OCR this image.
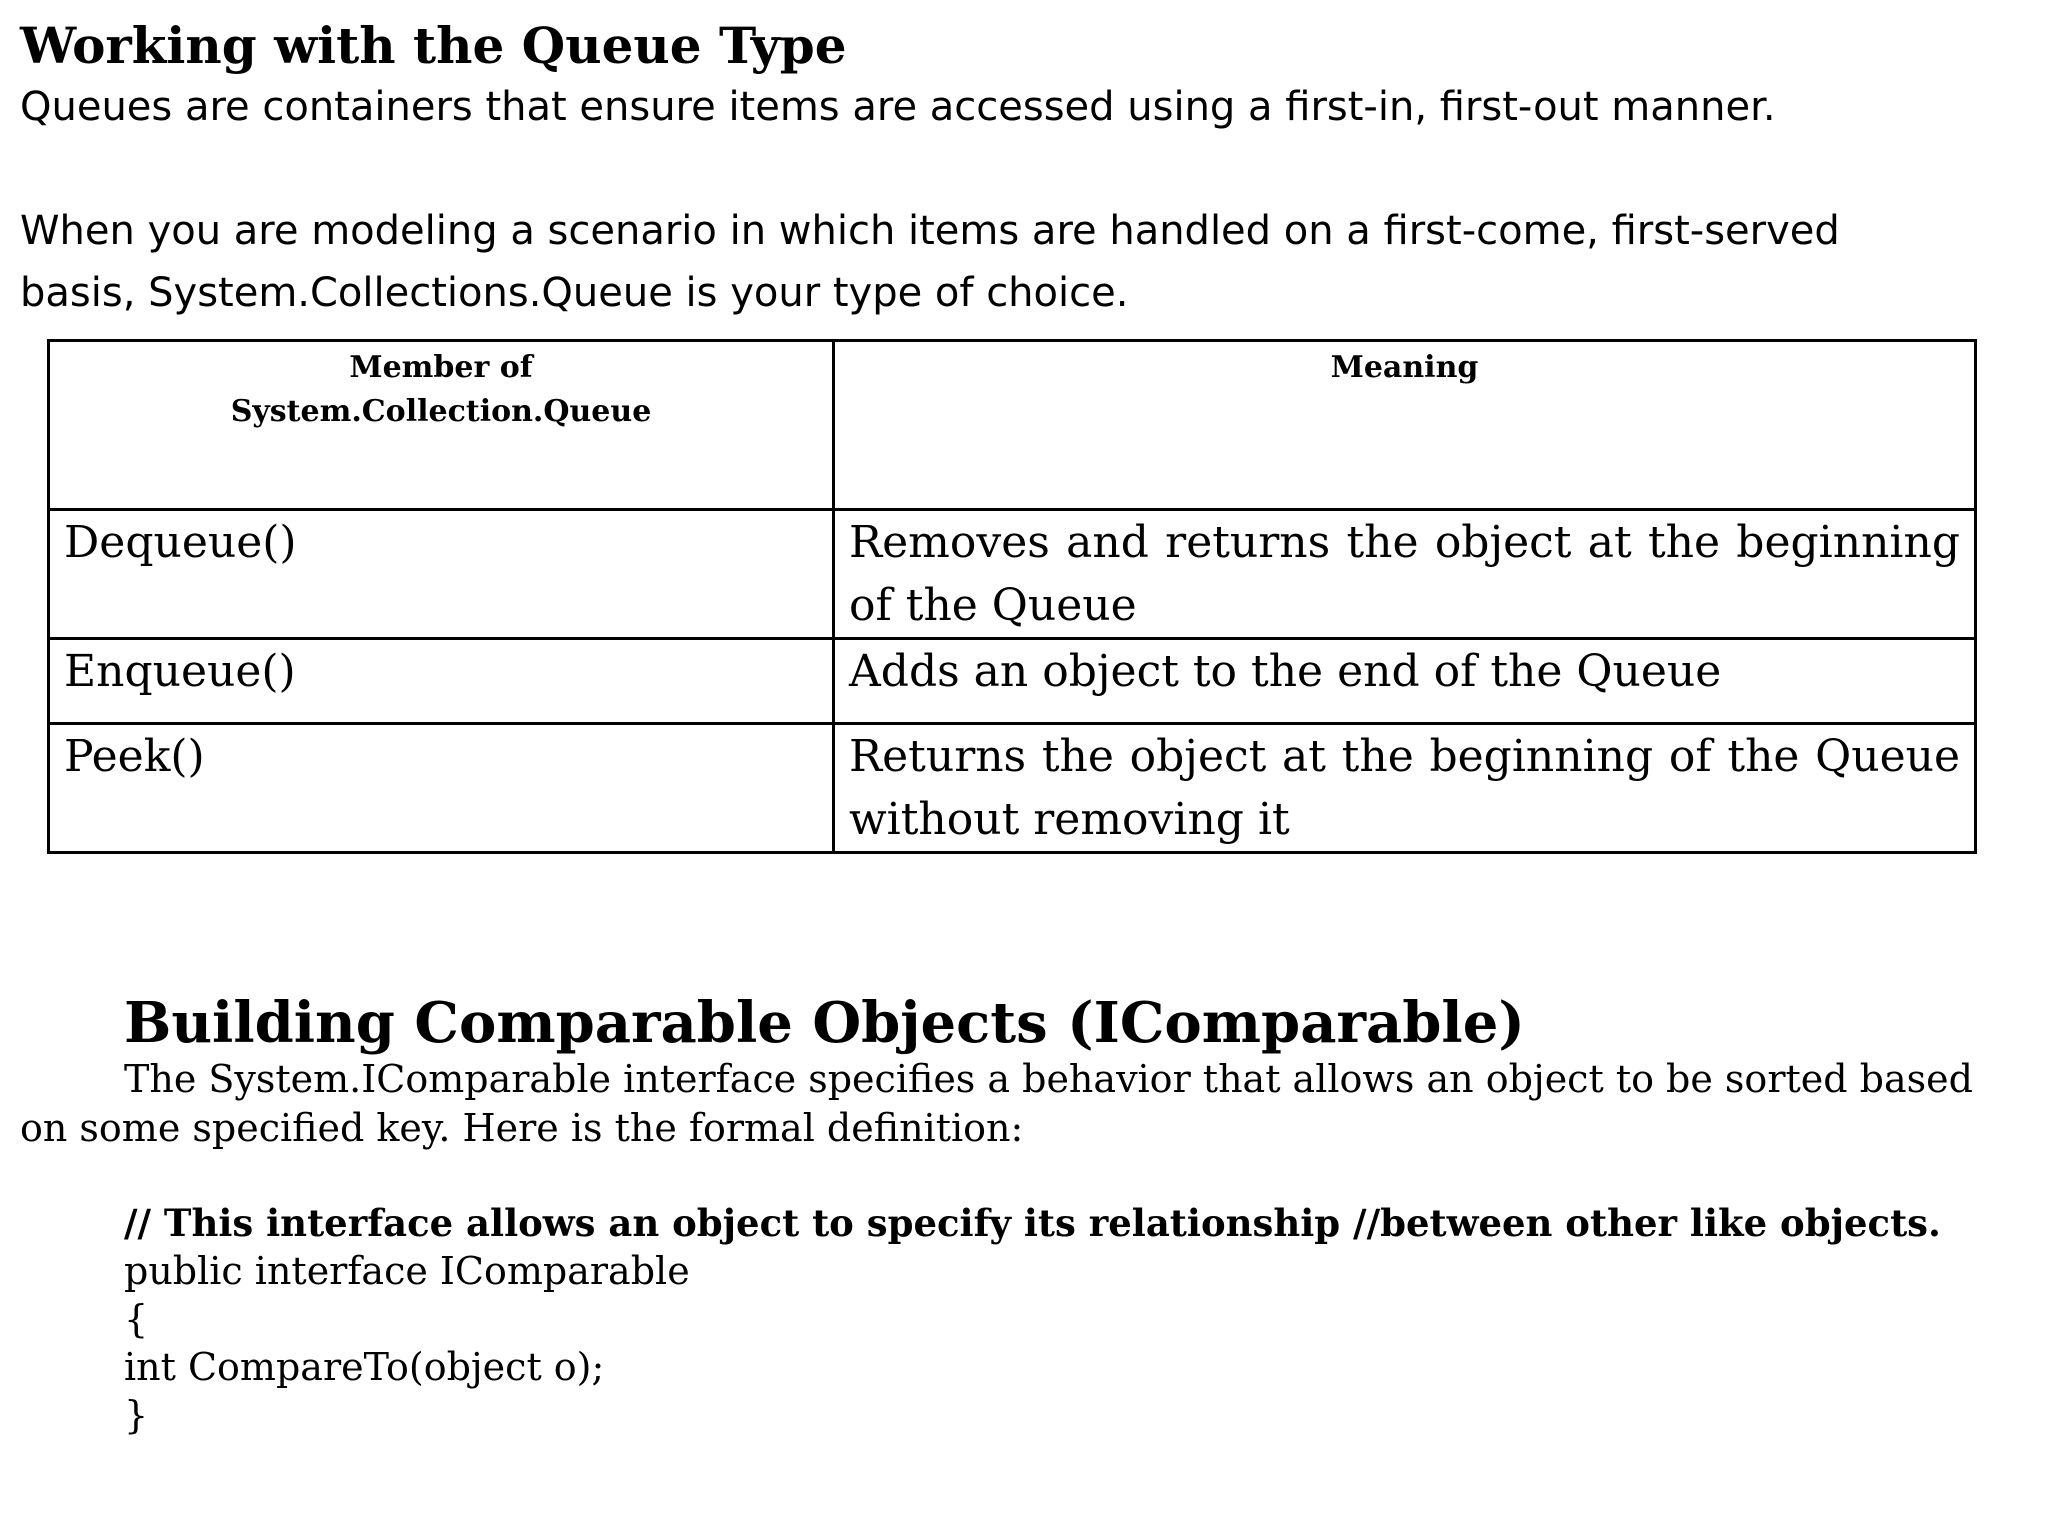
Working with the Queue Type
Queues are containers that ensure items are accessed using a first-in, first-out manner.
When you are modeling a scenario in which items are handled on a first-come, first-served
basis, System.Collections.Queue is your type of choice.
Member of
System.Collection.Queue	Meaning
Dequeue()	Removes and returns the object at the beginning of the Queue
Enqueue()	Adds an object to the end of the Queue
Peek()	Returns the object at the beginning of the Queue without removing it
Building Comparable Objects (IComparable)
The System.IComparable interface specifies a behavior that allows an object to be sorted based
on some specified key. Here is the formal definition:
// This interface allows an object to specify its relationship //between other like objects.
public interface IComparable
{
int CompareTo(object o);
}
